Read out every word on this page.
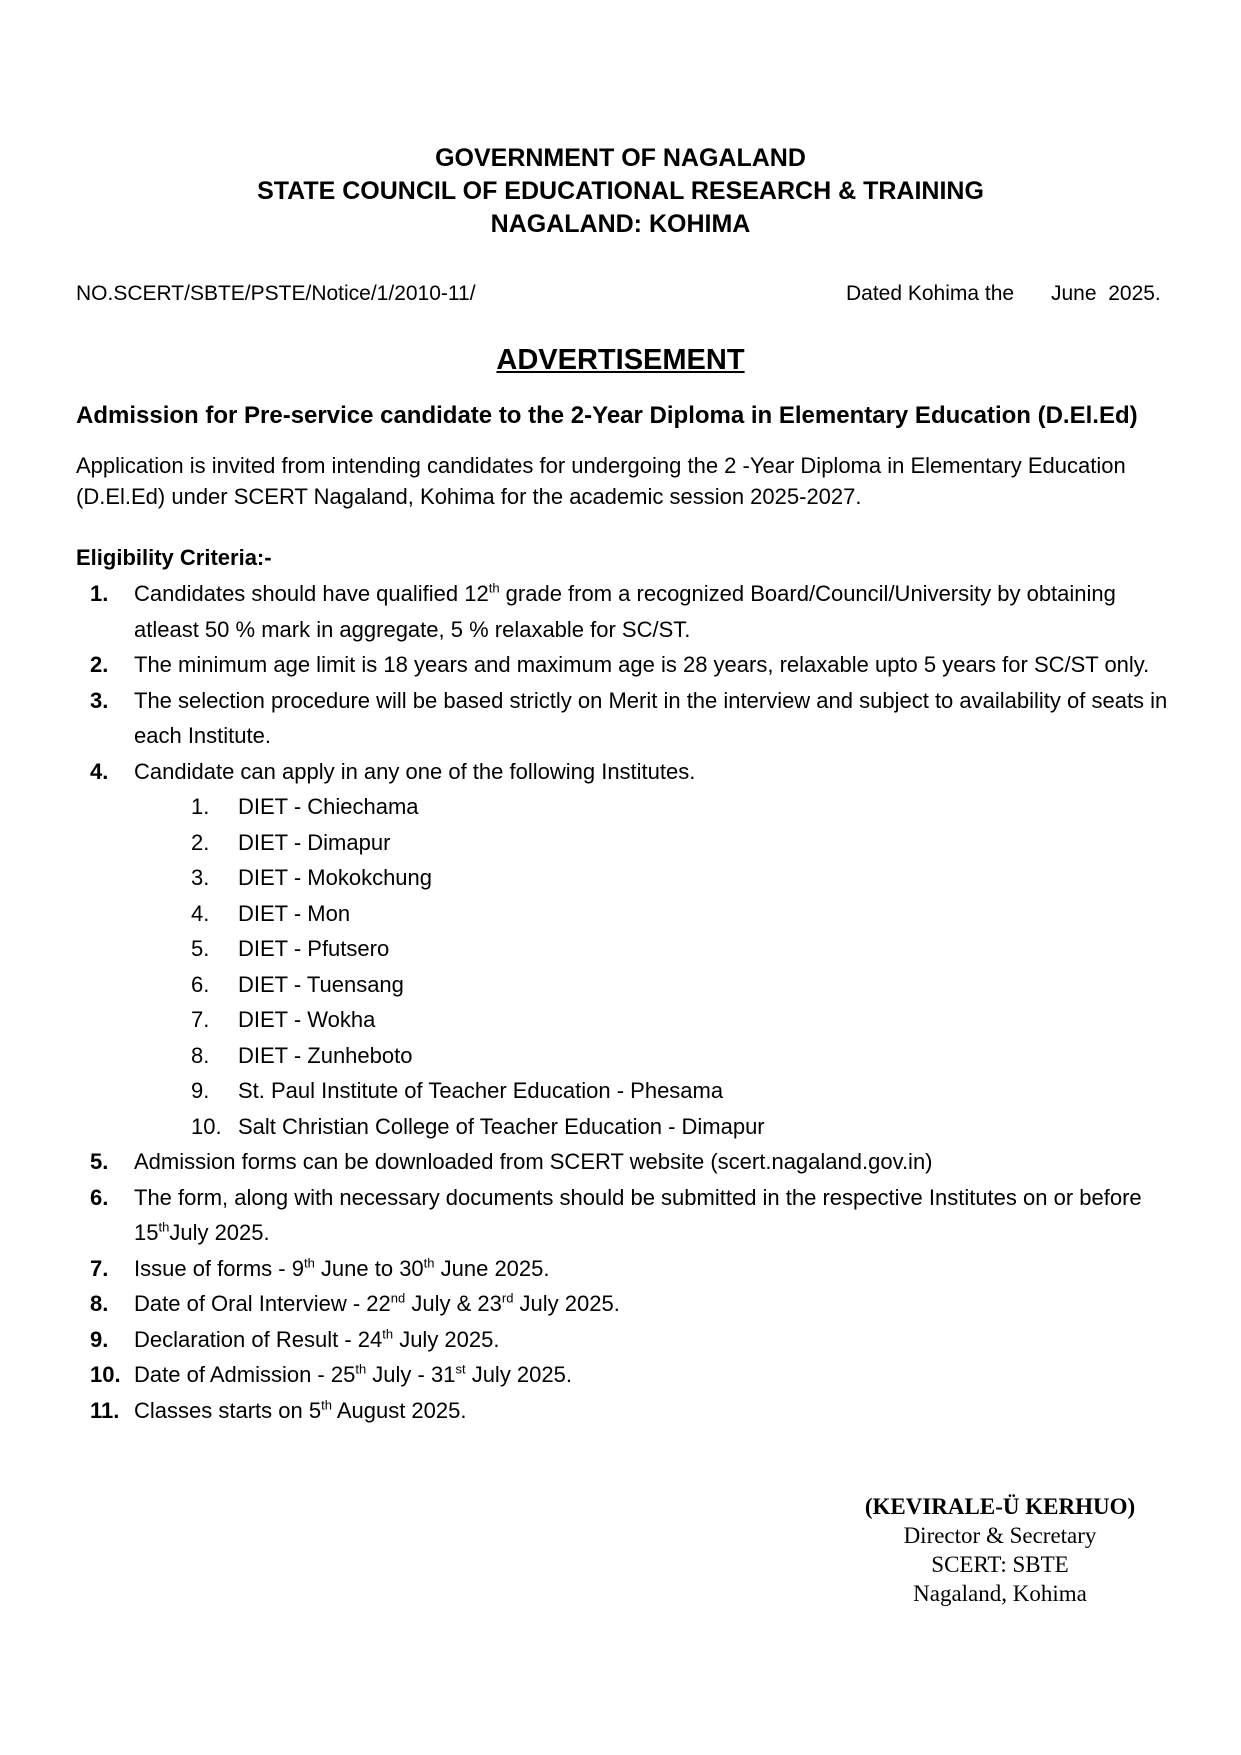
GOVERNMENT OF NAGALAND
STATE COUNCIL OF EDUCATIONAL RESEARCH & TRAINING
NAGALAND: KOHIMA
NO.SCERT/SBTE/PSTE/Notice/1/2010-11/	Dated Kohima the June  2025.
ADVERTISEMENT
Admission for Pre-service candidate to the 2-Year Diploma in Elementary Education (D.El.Ed)
Application is invited from intending candidates for undergoing the 2 -Year Diploma in Elementary Education (D.El.Ed) under SCERT Nagaland, Kohima for the academic session 2025-2027.
Eligibility Criteria:-
1. Candidates should have qualified 12th grade from a recognized Board/Council/University by obtaining atleast 50 % mark in aggregate, 5 % relaxable for SC/ST.
2. The minimum age limit is 18 years and maximum age is 28 years, relaxable upto 5 years for SC/ST only.
3. The selection procedure will be based strictly on Merit in the interview and subject to availability of seats in each Institute.
4. Candidate can apply in any one of the following Institutes.
1.	DIET - Chiechama
2.	DIET - Dimapur
3.	DIET - Mokokchung
4.	DIET - Mon
5.	DIET - Pfutsero
6.	DIET - Tuensang
7.	DIET - Wokha
8.	DIET - Zunheboto
9.	St. Paul Institute of Teacher Education - Phesama
10. Salt Christian College of Teacher Education - Dimapur
5. Admission forms can be downloaded from SCERT website (scert.nagaland.gov.in)
6. The form, along with necessary documents should be submitted in the respective Institutes on or before 15thJuly 2025.
7. Issue of forms - 9th June to 30th June 2025.
8. Date of Oral Interview - 22nd July & 23rd July 2025.
9. Declaration of Result - 24th July 2025.
10. Date of Admission - 25th July - 31st July 2025.
11. Classes starts on 5th August 2025.
(KEVIRALE-Ü KERHUO)
Director & Secretary
SCERT: SBTE
Nagaland, Kohima
